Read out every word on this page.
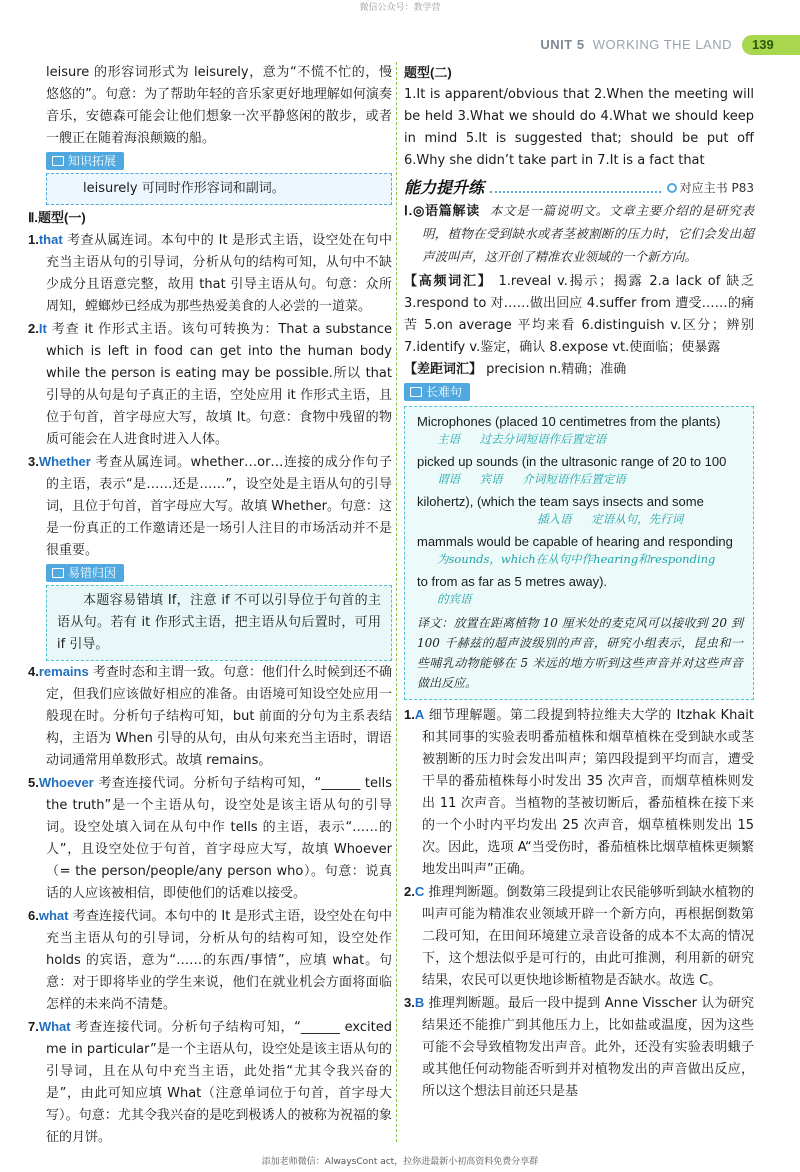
微信公众号：教学营
UNIT 5 WORKING THE LAND	139

leisure 的形容词形式为 leisurely，意为“不慌不忙的，慢悠悠的”。句意：为了帮助年轻的音乐家更好地理解如何演奏音乐，安德森可能会让他们想象一次平静悠闲的散步，或者一艘正在随着海浪颠簸的船。

知识拓展

leisurely 可同时作形容词和副词。

Ⅱ.题型(一)

1.that 考查从属连词。本句中的 It 是形式主语，设空处在句中充当主语从句的引导词，分析从句的结构可知，从句中不缺少成分且语意完整，故用 that 引导主语从句。句意：众所周知，螳螂炒已经成为那些热爱美食的人必尝的一道菜。

2.It 考查 it 作形式主语。该句可转换为：That a substance which is left in food can get into the human body while the person is eating may be possible.所以 that 引导的从句是句子真正的主语，空处应用 it 作形式主语，且位于句首，首字母应大写，故填 It。句意：食物中残留的物质可能会在人进食时进入人体。

3.Whether 考查从属连词。whether…or…连接的成分作句子的主语，表示“是……还是……”，设空处是主语从句的引导词，且位于句首，首字母应大写。故填 Whether。句意：这是一份真正的工作邀请还是一场引人注目的市场活动并不是很重要。

易错归因

本题容易错填 If，注意 if 不可以引导位于句首的主语从句。若有 it 作形式主语，把主语从句后置时，可用 if 引导。

4.remains 考查时态和主谓一致。句意：他们什么时候到还不确定，但我们应该做好相应的准备。由语境可知设空处应用一般现在时。分析句子结构可知，but 前面的分句为主系表结构，主语为 When 引导的从句，由从句来充当主语时，谓语动词通常用单数形式。故填 remains。

5.Whoever 考查连接代词。分析句子结构可知，“______ tells the truth”是一个主语从句，设空处是该主语从句的引导词。设空处填入词在从句中作 tells 的主语，表示“……的人”，且设空处位于句首，首字母应大写，故填 Whoever（= the person/people/any person who）。句意：说真话的人应该被相信，即使他们的话难以接受。

6.what 考查连接代词。本句中的 It 是形式主语，设空处在句中充当主语从句的引导词，分析从句的结构可知，设空处作 holds 的宾语，意为“……的东西/事情”，应填 what。句意：对于即将毕业的学生来说，他们在就业机会方面将面临怎样的未来尚不清楚。

7.What 考查连接代词。分析句子结构可知，“______ excited me in particular”是一个主语从句，设空处是该主语从句的引导词，且在从句中充当主语，此处指“尤其令我兴奋的是”，由此可知应填 What（注意单词位于句首，首字母大写）。句意：尤其令我兴奋的是吃到极诱人的被称为祝福的象征的月饼。

题型(二)

1.It is apparent/obvious that 2.When the meeting will be held 3.What we should do 4.What we should keep in mind 5.It is suggested that; should be put off 6.Why she didn’t take part in 7.It is a fact that

能力提升练	对应主书 P83

Ⅰ.◎语篇解读 本文是一篇说明文。文章主要介绍的是研究表明，植物在受到缺水或者茎被割断的压力时，它们会发出超声波叫声，这开创了精准农业领域的一个新方向。

【高频词汇】 1.reveal v.揭示；揭露 2.a lack of 缺乏 3.respond to 对……做出回应 4.suffer from 遭受……的痛苦 5.on average 平均来看 6.distinguish v.区分；辨别 7.identify v.鉴定，确认 8.expose vt.使面临；使暴露

【差距词汇】 precision n.精确；准确

长难句
Microphones (placed 10 centimetres from the plants)
主语 过去分词短语作后置定语
picked up sounds (in the ultrasonic range of 20 to 100
谓语 宾语 介词短语作后置定语
kilohertz), (which the team says insects and some
插入语 定语从句，先行词
mammals would be capable of hearing and responding
为sounds，which在从句中作hearing和responding
to from as far as 5 metres away).
的宾语

译文：放置在距离植物 10 厘米处的麦克风可以接收到 20 到 100 千赫兹的超声波级别的声音，研究小组表示，昆虫和一些哺乳动物能够在 5 米远的地方听到这些声音并对这些声音做出反应。

1.A 细节理解题。第二段提到特拉维夫大学的 Itzhak Khait 和其同事的实验表明番茄植株和烟草植株在受到缺水或茎被割断的压力时会发出叫声；第四段提到平均而言，遭受干旱的番茄植株每小时发出 35 次声音，而烟草植株则发出 11 次声音。当植物的茎被切断后，番茄植株在接下来的一个小时内平均发出 25 次声音，烟草植株则发出 15 次。因此，选项 A“当受伤时，番茄植株比烟草植株更频繁地发出叫声”正确。

2.C 推理判断题。倒数第三段提到让农民能够听到缺水植物的叫声可能为精准农业领域开辟一个新方向，再根据倒数第二段可知，在田间环境建立录音设备的成本不太高的情况下，这个想法似乎是可行的，由此可推测，利用新的研究结果，农民可以更快地诊断植物是否缺水。故选 C。

3.B 推理判断题。最后一段中提到 Anne Visscher 认为研究结果还不能推广到其他压力上，比如盐或温度，因为这些可能不会导致植物发出声音。此外，还没有实验表明蛾子或其他任何动物能否听到并对植物发出的声音做出反应，所以这个想法目前还只是基

添加老师微信：AlwaysCont act，拉你进最新小初高资料免费分享群
